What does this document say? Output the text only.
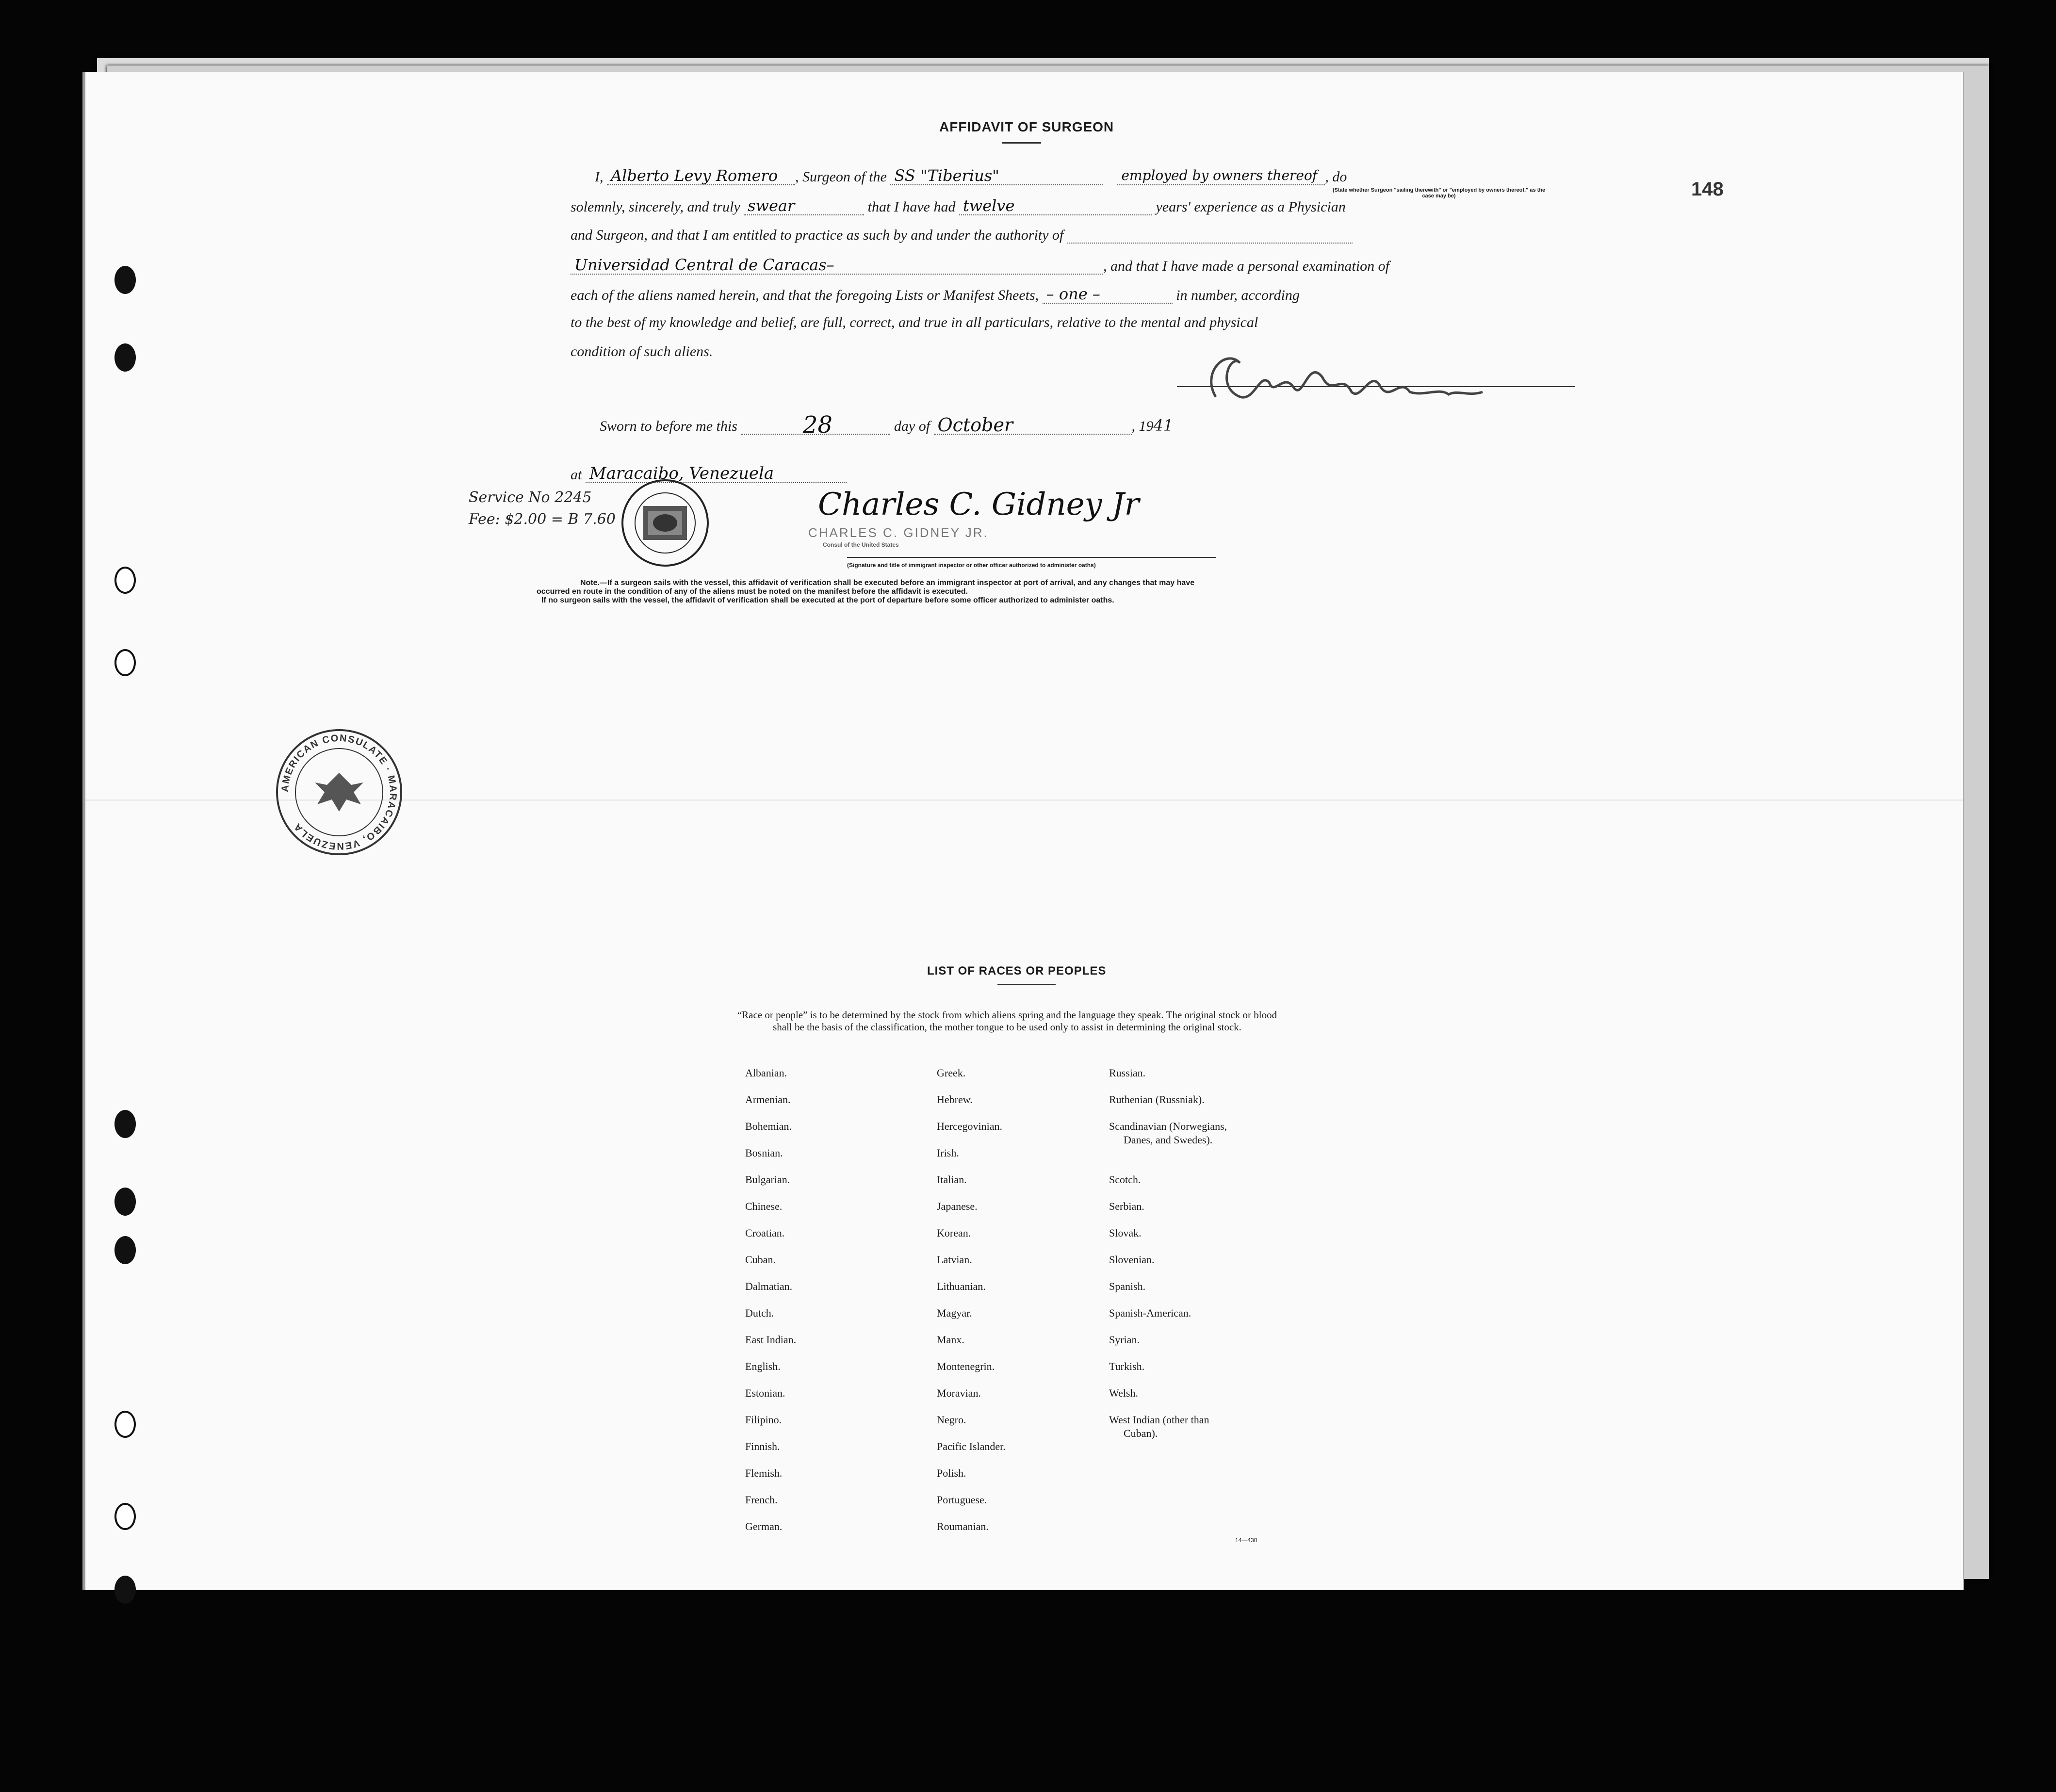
148
AFFIDAVIT OF SURGEON
I, Alberto Levy Romero , Surgeon of the SS "Tiberius"	employed by owners thereof , do
(State whether Surgeon "sailing therewith" or "employed by owners thereof," as the case may be)
solemnly, sincerely, and truly swear	that I have had twelve	years' experience as a Physician
and Surgeon, and that I am entitled to practice as such by and under the authority of
Universidad Central de Caracas–	, and that I have made a personal examination of
each of the aliens named herein, and that the foregoing Lists or Manifest Sheets, – one –	in number, according
to the best of my knowledge and belief, are full, correct, and true in all particulars, relative to the mental and physical
condition of such aliens.
Sworn to before me this	28	day of October	, 1941
at Maracaibo, Venezuela
Service No 2245
Fee: $2.00 = B 7.60	Charles C. Gidney Jr
CHARLES C. GIDNEY JR.
Consul of the United States
(Signature and title of immigrant inspector or other officer authorized to administer oaths)
Note.—If a surgeon sails with the vessel, this affidavit of verification shall be executed before an immigrant inspector at port of arrival, and any changes that may have
occurred en route in the condition of any of the aliens must be noted on the manifest before the affidavit is executed.
If no surgeon sails with the vessel, the affidavit of verification shall be executed at the port of departure before some officer authorized to administer oaths.
AMERICAN CONSULATE · MARACAIBO, VENEZUELA
LIST OF RACES OR PEOPLES
“Race or people” is to be determined by the stock from which aliens spring and the language they speak. The original stock or blood shall be the basis of the classification, the mother tongue to be used only to assist in determining the original stock.
Albanian.
Armenian.
Bohemian.
Bosnian.
Bulgarian.
Chinese.
Croatian.
Cuban.
Dalmatian.
Dutch.
East Indian.
English.
Estonian.
Filipino.
Finnish.
Flemish.
French.
German.
Greek.
Hebrew.
Hercegovinian.
Irish.
Italian.
Japanese.
Korean.
Latvian.
Lithuanian.
Magyar.
Manx.
Montenegrin.
Moravian.
Negro.
Pacific Islander.
Polish.
Portuguese.
Roumanian.
Russian.
Ruthenian (Russniak).
Scandinavian (Norwegians,
Danes, and Swedes).
Scotch.
Serbian.
Slovak.
Slovenian.
Spanish.
Spanish-American.
Syrian.
Turkish.
Welsh.
West Indian (other than
Cuban).
14—430
